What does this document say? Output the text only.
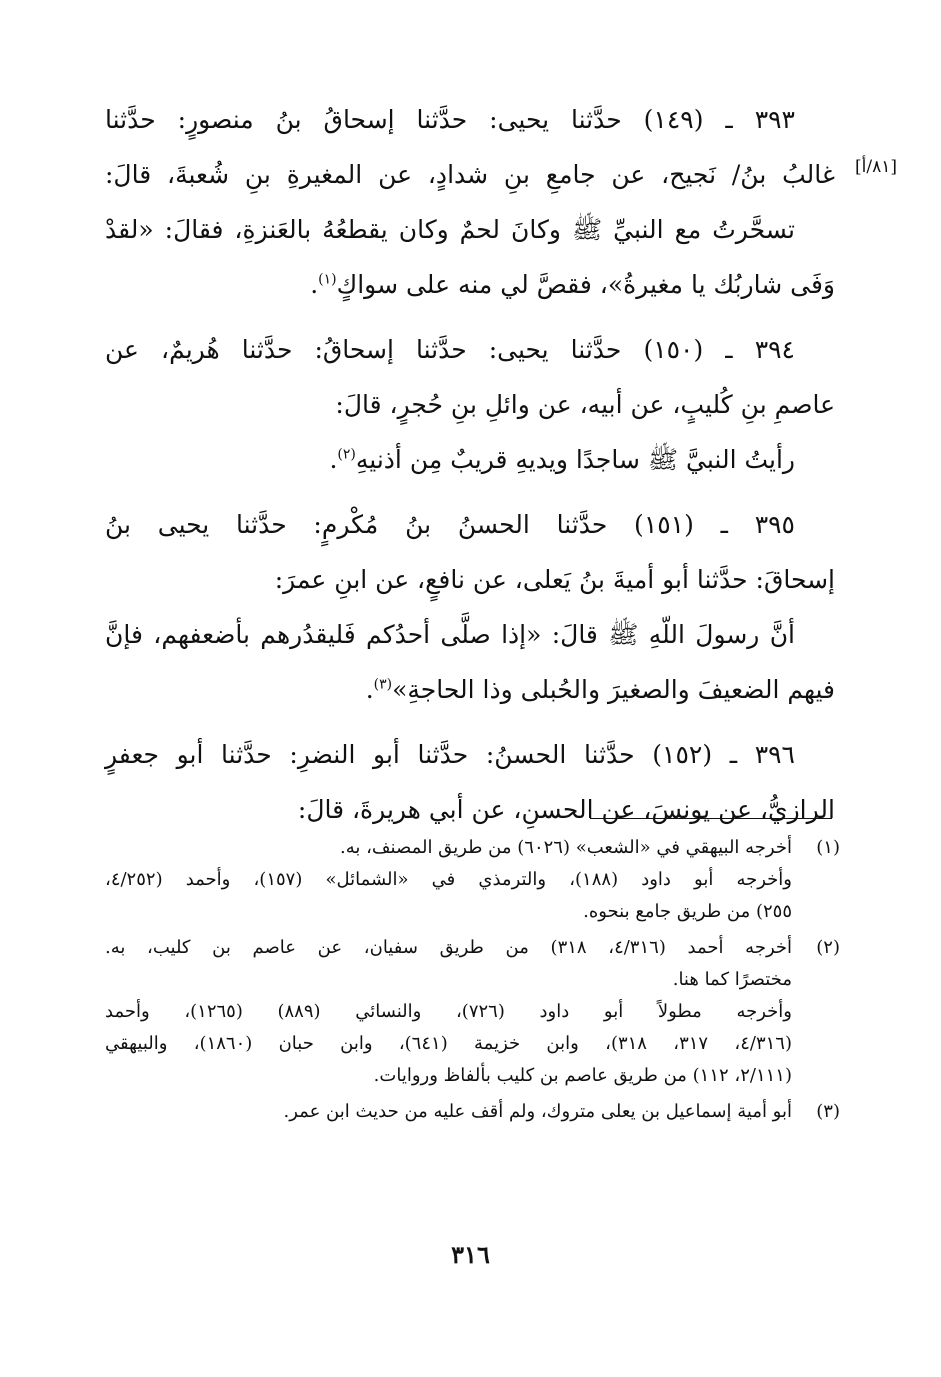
[٨١/أ]
٣٩٣ ـ (١٤٩) حدَّثنا يحيى: حدَّثنا إسحاقُ بنُ منصورٍ: حدَّثنا
غالبُ بنُ/ نَجيح، عن جامعِ بنِ شدادٍ، عن المغيرةِ بنِ شُعبةَ، قالَ:
تسحَّرتُ مع النبيِّ ﷺ وكانَ لحمٌ وكان يقطعُهُ بالعَنزةِ، فقالَ: «لقدْ
وَفَى شاربُك يا مغيرةُ»، فقصَّ لي منه على سواكٍ$^{(١)}$.
٣٩٤ ـ (١٥٠) حدَّثنا يحيى: حدَّثنا إسحاقُ: حدَّثنا هُريمٌ، عن
عاصمِ بنِ كُليبٍ، عن أبيه، عن وائلِ بنِ حُجرٍ، قالَ:
رأيتُ النبيَّ ﷺ ساجدًا ويديهِ قريبٌ مِن أذنيهِ$^{(٢)}$.
٣٩٥ ـ (١٥١) حدَّثنا الحسنُ بنُ مُكْرمٍ: حدَّثنا يحيى بنُ
إسحاقَ: حدَّثنا أبو أميةَ بنُ يَعلى، عن نافعٍ، عن ابنِ عمرَ:
أنَّ رسولَ اللّهِ ﷺ قالَ: «إذا صلَّى أحدُكم فَليقدُرهم بأضعفهم، فإنَّ
فيهم الضعيفَ والصغيرَ والحُبلى وذا الحاجةِ»$^{(٣)}$.
٣٩٦ ـ (١٥٢) حدَّثنا الحسنُ: حدَّثنا أبو النضرِ: حدَّثنا أبو جعفرٍ
الرازيُّ، عن يونسَ، عن الحسنِ، عن أبي هريرةَ، قالَ:
(١)أخرجه البيهقي في «الشعب» (٦٠٢٦) من طريق المصنف، به.
وأخرجه أبو داود (١٨٨)، والترمذي في «الشمائل» (١٥٧)، وأحمد (٤/٢٥٢،
٢٥٥) من طريق جامع بنحوه.
(٢)أخرجه أحمد (٤/٣١٦، ٣١٨) من طريق سفيان، عن عاصم بن كليب، به.
مختصرًا كما هنا.
وأخرجه مطولاً أبو داود (٧٢٦)، والنسائي (٨٨٩) (١٢٦٥)، وأحمد
(٤/٣١٦، ٣١٧، ٣١٨)، وابن خزيمة (٦٤١)، وابن حبان (١٨٦٠)، والبيهقي
(٢/١١١، ١١٢) من طريق عاصم بن كليب بألفاظ وروايات.
(٣)أبو أمية إسماعيل بن يعلى متروك، ولم أقف عليه من حديث ابن عمر.
٣١٦
